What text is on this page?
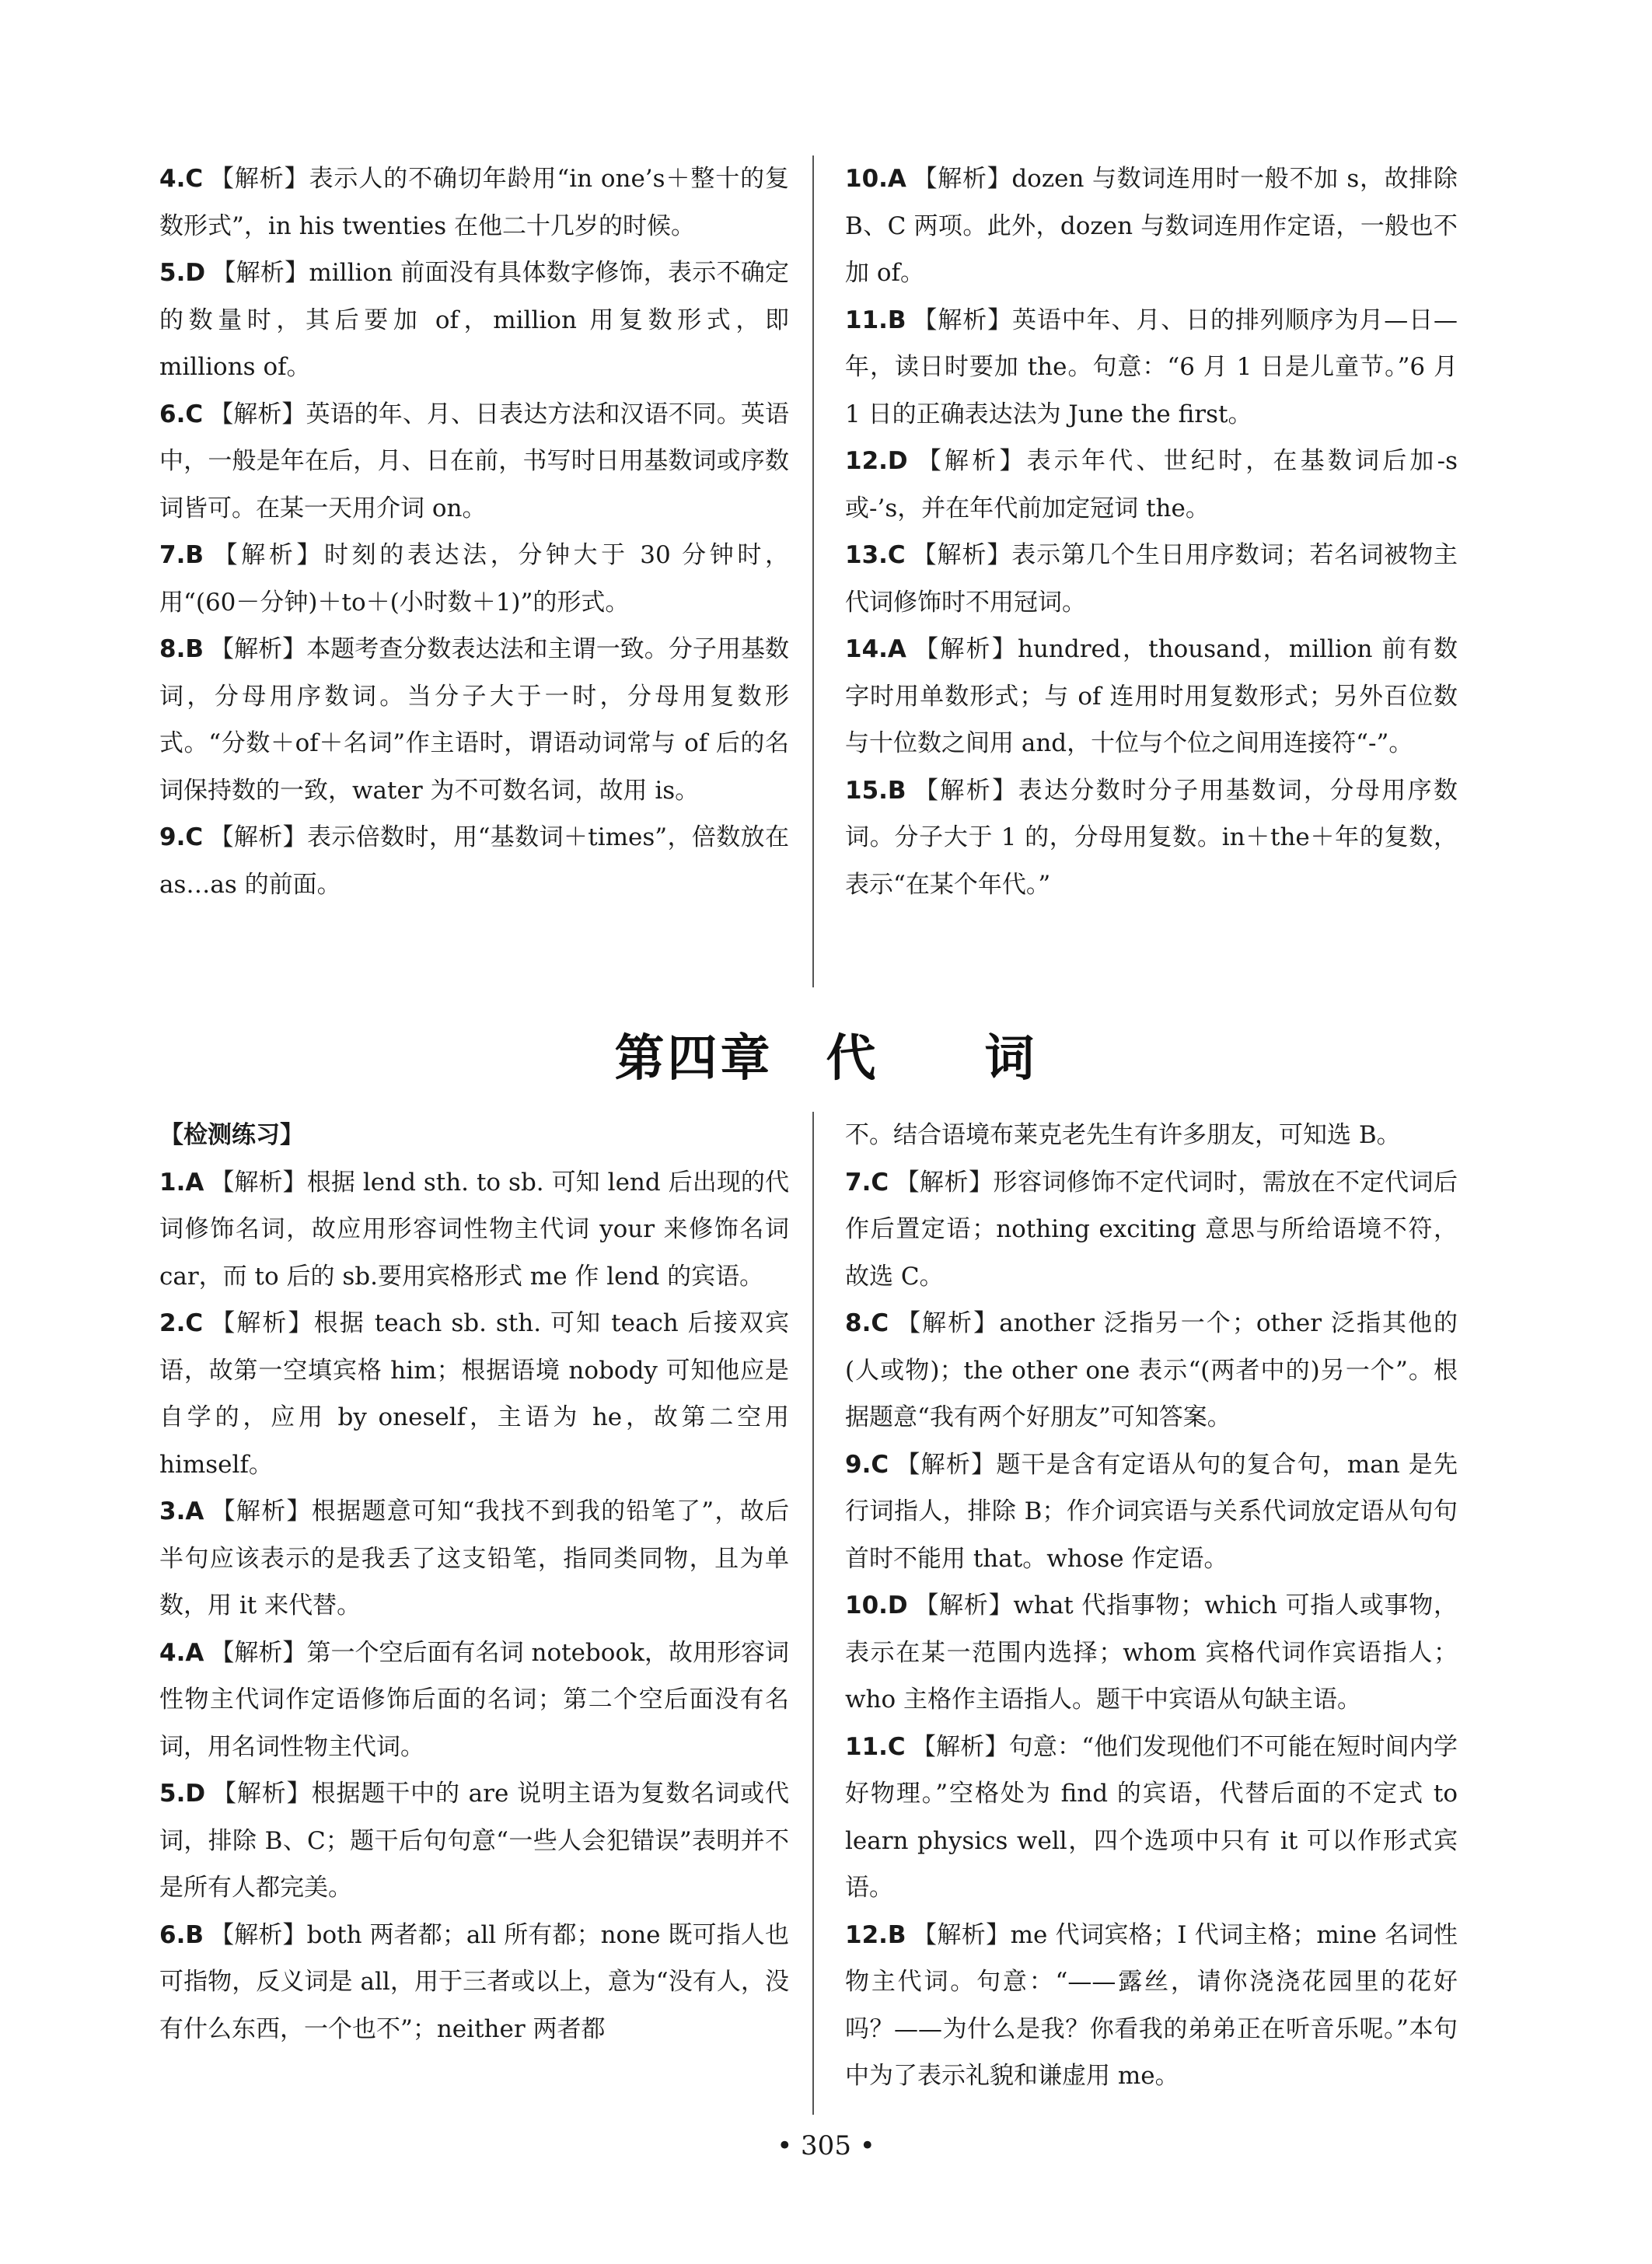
4.C 【解析】表示人的不确切年龄用“in one’s＋整十的复数形式”，in his twenties 在他二十几岁的时候。

5.D 【解析】million 前面没有具体数字修饰，表示不确定的数量时，其后要加 of，million 用复数形式，即 millions of。

6.C 【解析】英语的年、月、日表达方法和汉语不同。英语中，一般是年在后，月、日在前，书写时日用基数词或序数词皆可。在某一天用介词 on。

7.B 【解析】时刻的表达法，分钟大于 30 分钟时，用“(60－分钟)＋to＋(小时数＋1)”的形式。

8.B 【解析】本题考查分数表达法和主谓一致。分子用基数词，分母用序数词。当分子大于一时，分母用复数形式。“分数＋of＋名词”作主语时，谓语动词常与 of 后的名词保持数的一致，water 为不可数名词，故用 is。

9.C 【解析】表示倍数时，用“基数词＋times”，倍数放在 as…as 的前面。

10.A 【解析】dozen 与数词连用时一般不加 s，故排除 B、C 两项。此外，dozen 与数词连用作定语，一般也不加 of。

11.B 【解析】英语中年、月、日的排列顺序为月—日—年，读日时要加 the。句意：“6 月 1 日是儿童节。”6 月 1 日的正确表达法为 June the first。

12.D 【解析】表示年代、世纪时，在基数词后加-s 或-’s，并在年代前加定冠词 the。

13.C 【解析】表示第几个生日用序数词；若名词被物主代词修饰时不用冠词。

14.A 【解析】hundred，thousand，million 前有数字时用单数形式；与 of 连用时用复数形式；另外百位数与十位数之间用 and，十位与个位之间用连接符“-”。

15.B 【解析】表达分数时分子用基数词，分母用序数词。分子大于 1 的，分母用复数。in＋the＋年的复数，表示“在某个年代。”

第四章　代　　词

【检测练习】

1.A 【解析】根据 lend sth. to sb. 可知 lend 后出现的代词修饰名词，故应用形容词性物主代词 your 来修饰名词 car，而 to 后的 sb.要用宾格形式 me 作 lend 的宾语。

2.C 【解析】根据 teach sb. sth. 可知 teach 后接双宾语，故第一空填宾格 him；根据语境 nobody 可知他应是自学的，应用 by oneself，主语为 he，故第二空用 himself。

3.A 【解析】根据题意可知“我找不到我的铅笔了”，故后半句应该表示的是我丢了这支铅笔，指同类同物，且为单数，用 it 来代替。

4.A 【解析】第一个空后面有名词 notebook，故用形容词性物主代词作定语修饰后面的名词；第二个空后面没有名词，用名词性物主代词。

5.D 【解析】根据题干中的 are 说明主语为复数名词或代词，排除 B、C；题干后句句意“一些人会犯错误”表明并不是所有人都完美。

6.B 【解析】both 两者都；all 所有都；none 既可指人也可指物，反义词是 all，用于三者或以上，意为“没有人，没有什么东西，一个也不”；neither 两者都

不。结合语境布莱克老先生有许多朋友，可知选 B。

7.C 【解析】形容词修饰不定代词时，需放在不定代词后作后置定语；nothing exciting 意思与所给语境不符，故选 C。

8.C 【解析】another 泛指另一个；other 泛指其他的(人或物)；the other one 表示“(两者中的)另一个”。根据题意“我有两个好朋友”可知答案。

9.C 【解析】题干是含有定语从句的复合句，man 是先行词指人，排除 B；作介词宾语与关系代词放定语从句句首时不能用 that。whose 作定语。

10.D 【解析】what 代指事物；which 可指人或事物，表示在某一范围内选择；whom 宾格代词作宾语指人；who 主格作主语指人。题干中宾语从句缺主语。

11.C 【解析】句意：“他们发现他们不可能在短时间内学好物理。”空格处为 find 的宾语，代替后面的不定式 to learn physics well，四个选项中只有 it 可以作形式宾语。

12.B 【解析】me 代词宾格；I 代词主格；mine 名词性物主代词。句意：“——露丝，请你浇浇花园里的花好吗？——为什么是我？你看我的弟弟正在听音乐呢。”本句中为了表示礼貌和谦虚用 me。

• 305 •
